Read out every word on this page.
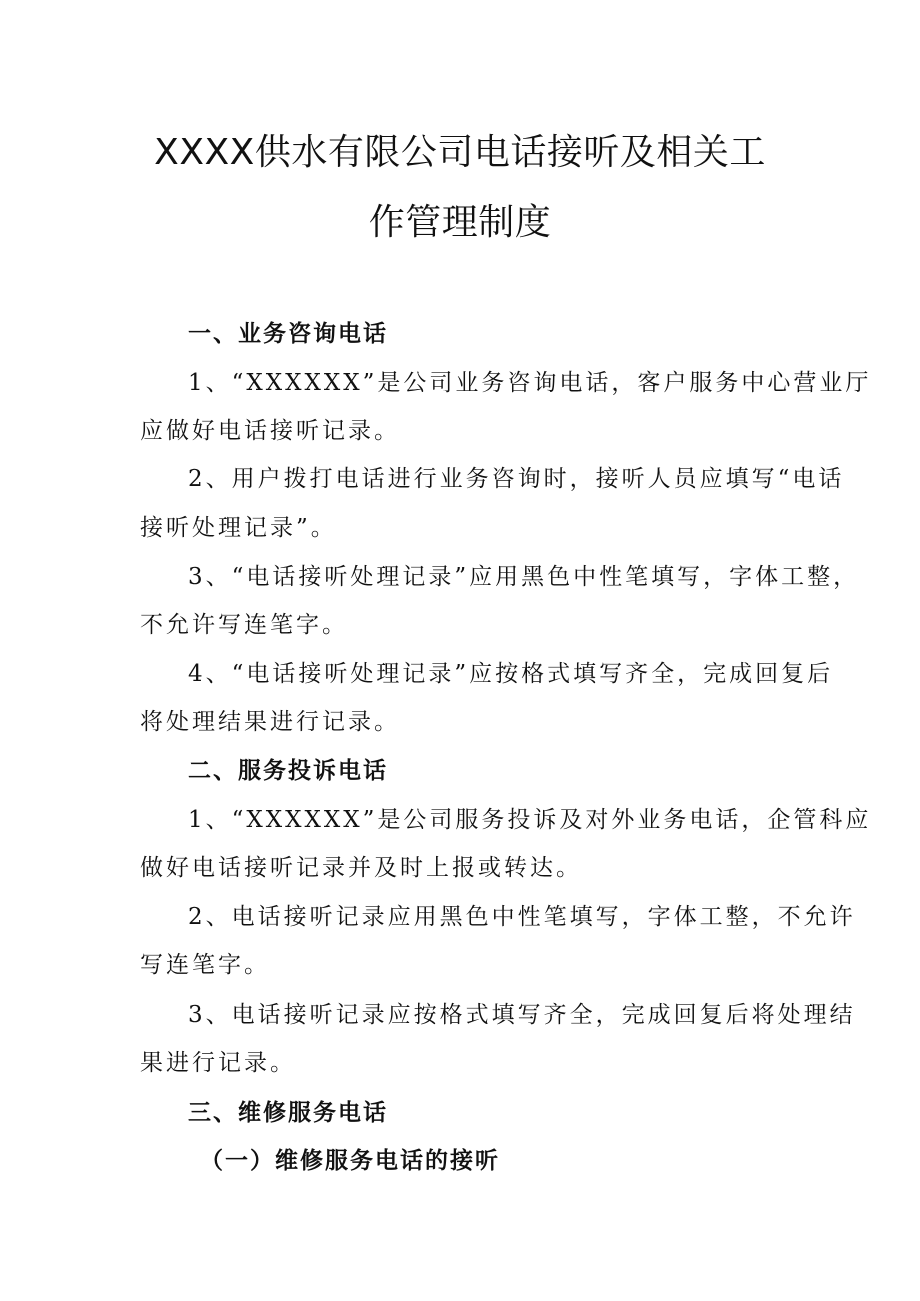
XXXX供水有限公司电话接听及相关工
作管理制度
一、业务咨询电话
1、“XXXXXX”是公司业务咨询电话，客户服务中心营业厅
应做好电话接听记录。
2、用户拨打电话进行业务咨询时，接听人员应填写“电话
接听处理记录”。
3、“电话接听处理记录”应用黑色中性笔填写，字体工整，
不允许写连笔字。
4、“电话接听处理记录”应按格式填写齐全，完成回复后
将处理结果进行记录。
二、服务投诉电话
1、“XXXXXX”是公司服务投诉及对外业务电话，企管科应
做好电话接听记录并及时上报或转达。
2、电话接听记录应用黑色中性笔填写，字体工整，不允许
写连笔字。
3、电话接听记录应按格式填写齐全，完成回复后将处理结
果进行记录。
三、维修服务电话
（一）维修服务电话的接听
